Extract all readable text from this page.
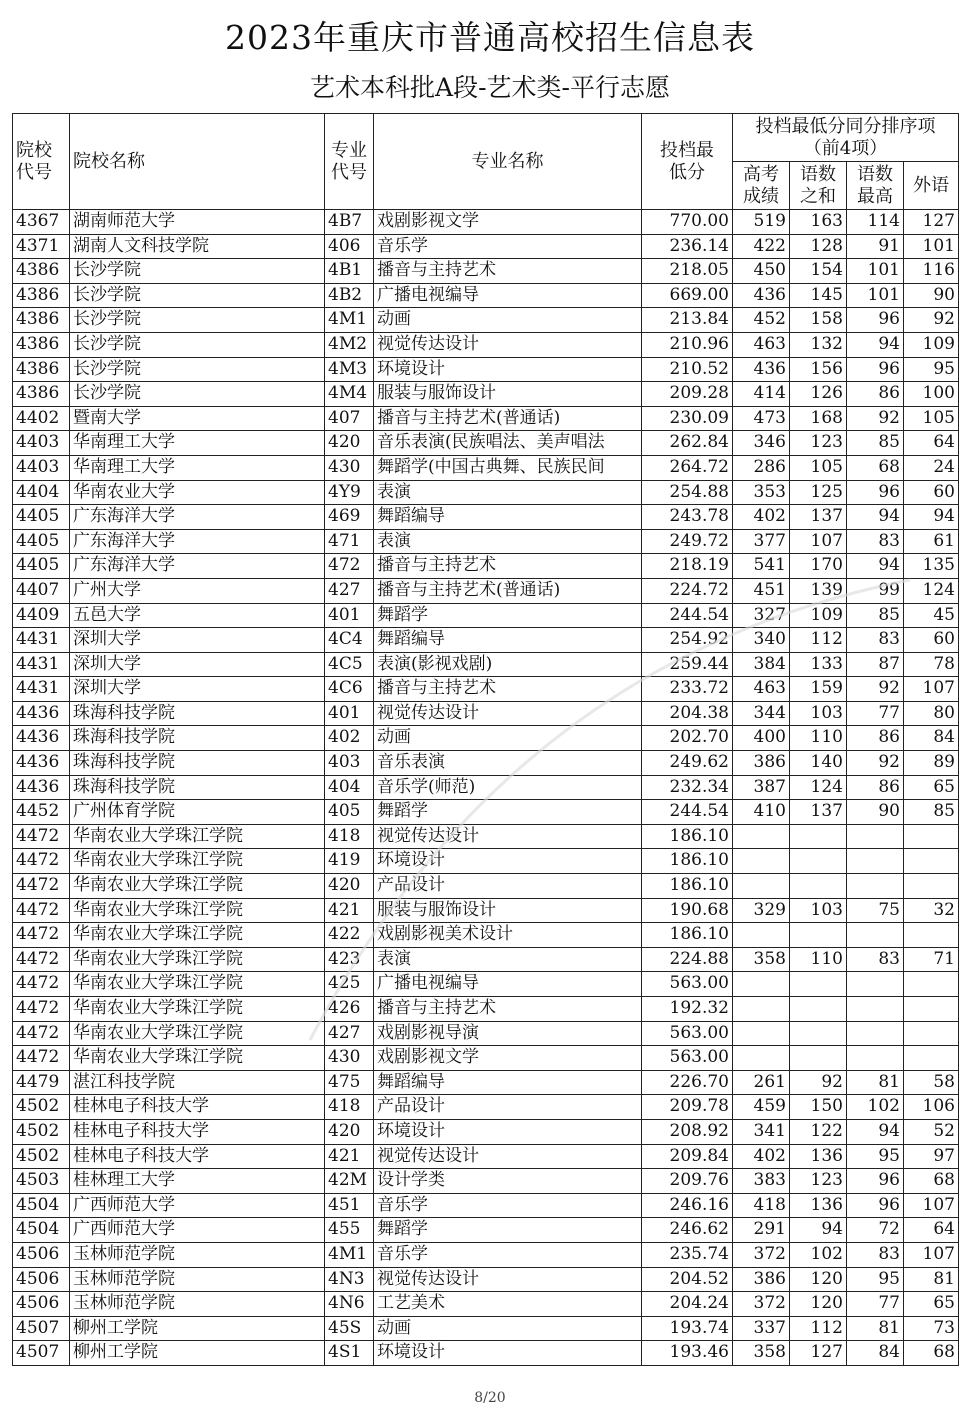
2023年重庆市普通高校招生信息表
艺术本科批A段-艺术类-平行志愿
院校代号	院校名称	专业代号	专业名称	投档最低分	投档最低分同分排序项（前4项）			

					高考成绩	语数之和	语数最高	外语
4367	湖南师范大学	4B7	戏剧影视文学	770.00	519	163	114	127
4371	湖南人文科技学院	406	音乐学	236.14	422	128	91	101
4386	长沙学院	4B1	播音与主持艺术	218.05	450	154	101	116
4386	长沙学院	4B2	广播电视编导	669.00	436	145	101	90
4386	长沙学院	4M1	动画	213.84	452	158	96	92
4386	长沙学院	4M2	视觉传达设计	210.96	463	132	94	109
4386	长沙学院	4M3	环境设计	210.52	436	156	96	95
4386	长沙学院	4M4	服装与服饰设计	209.28	414	126	86	100
4402	暨南大学	407	播音与主持艺术(普通话)	230.09	473	168	92	105
4403	华南理工大学	420	音乐表演(民族唱法、美声唱法	262.84	346	123	85	64
4403	华南理工大学	430	舞蹈学(中国古典舞、民族民间	264.72	286	105	68	24
4404	华南农业大学	4Y9	表演	254.88	353	125	96	60
4405	广东海洋大学	469	舞蹈编导	243.78	402	137	94	94
4405	广东海洋大学	471	表演	249.72	377	107	83	61
4405	广东海洋大学	472	播音与主持艺术	218.19	541	170	94	135
4407	广州大学	427	播音与主持艺术(普通话)	224.72	451	139	99	124
4409	五邑大学	401	舞蹈学	244.54	327	109	85	45
4431	深圳大学	4C4	舞蹈编导	254.92	340	112	83	60
4431	深圳大学	4C5	表演(影视戏剧)	259.44	384	133	87	78
4431	深圳大学	4C6	播音与主持艺术	233.72	463	159	92	107
4436	珠海科技学院	401	视觉传达设计	204.38	344	103	77	80
4436	珠海科技学院	402	动画	202.70	400	110	86	84
4436	珠海科技学院	403	音乐表演	249.62	386	140	92	89
4436	珠海科技学院	404	音乐学(师范)	232.34	387	124	86	65
4452	广州体育学院	405	舞蹈学	244.54	410	137	90	85
4472	华南农业大学珠江学院	418	视觉传达设计	186.10				
4472	华南农业大学珠江学院	419	环境设计	186.10				
4472	华南农业大学珠江学院	420	产品设计	186.10				
4472	华南农业大学珠江学院	421	服装与服饰设计	190.68	329	103	75	32
4472	华南农业大学珠江学院	422	戏剧影视美术设计	186.10				
4472	华南农业大学珠江学院	423	表演	224.88	358	110	83	71
4472	华南农业大学珠江学院	425	广播电视编导	563.00				
4472	华南农业大学珠江学院	426	播音与主持艺术	192.32				
4472	华南农业大学珠江学院	427	戏剧影视导演	563.00				
4472	华南农业大学珠江学院	430	戏剧影视文学	563.00				
4479	湛江科技学院	475	舞蹈编导	226.70	261	92	81	58
4502	桂林电子科技大学	418	产品设计	209.78	459	150	102	106
4502	桂林电子科技大学	420	环境设计	208.92	341	122	94	52
4502	桂林电子科技大学	421	视觉传达设计	209.84	402	136	95	97
4503	桂林理工大学	42M	设计学类	209.76	383	123	96	68
4504	广西师范大学	451	音乐学	246.16	418	136	96	107
4504	广西师范大学	455	舞蹈学	246.62	291	94	72	64
4506	玉林师范学院	4M1	音乐学	235.74	372	102	83	107
4506	玉林师范学院	4N3	视觉传达设计	204.52	386	120	95	81
4506	玉林师范学院	4N6	工艺美术	204.24	372	120	77	65
4507	柳州工学院	45S	动画	193.74	337	112	81	73
4507	柳州工学院	4S1	环境设计	193.46	358	127	84	68
8/20
